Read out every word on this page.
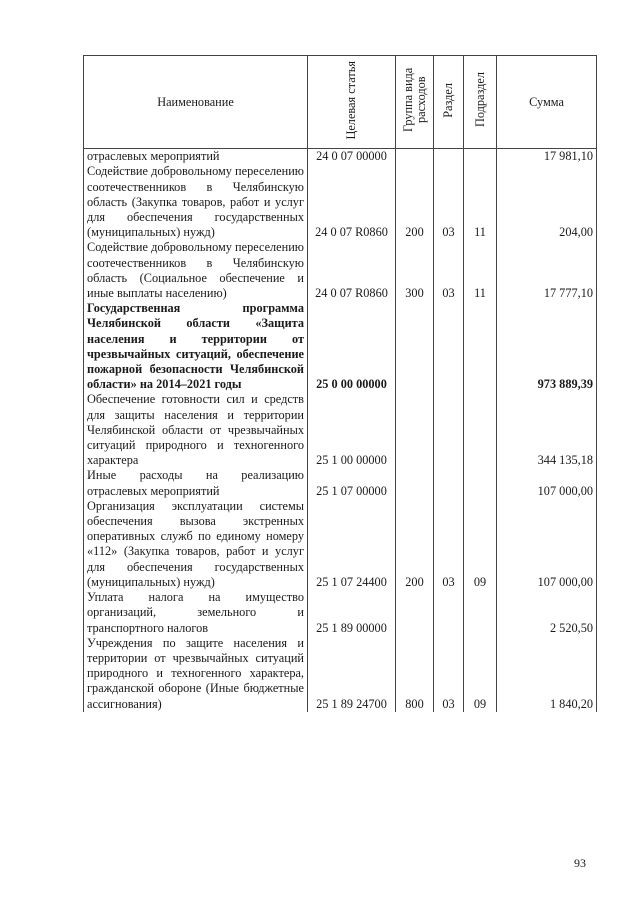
Наименование	Целевая статья	Группа вида расходов	Раздел	Подраздел	Сумма
отраслевых мероприятий	24 0 07 00000				17 981,10
Содействие добровольному переселению соотечественников в Челябинскую область (Закупка товаров, работ и услуг для обеспечения государственных (муниципальных) нужд)	24 0 07 R0860	200	03	11	204,00
Содействие добровольному переселению соотечественников в Челябинскую область (Социальное обеспечение и иные выплаты населению)	24 0 07 R0860	300	03	11	17 777,10
Государственная программа Челябинской области «Защита населения и территории от чрезвычайных ситуаций, обеспечение пожарной безопасности Челябинской области» на 2014–2021 годы	25 0 00 00000				973 889,39
Обеспечение готовности сил и средств для защиты населения и территории Челябинской области от чрезвычайных ситуаций природного и техногенного характера	25 1 00 00000				344 135,18
Иные расходы на реализацию отраслевых мероприятий	25 1 07 00000				107 000,00
Организация эксплуатации системы обеспечения вызова экстренных оперативных служб по единому номеру «112» (Закупка товаров, работ и услуг для обеспечения государственных (муниципальных) нужд)	25 1 07 24400	200	03	09	107 000,00
Уплата налога на имущество организаций, земельного и транспортного налогов	25 1 89 00000				2 520,50
Учреждения по защите населения и территории от чрезвычайных ситуаций природного и техногенного характера, гражданской обороне (Иные бюджетные ассигнования)	25 1 89 24700	800	03	09	1 840,20
93
